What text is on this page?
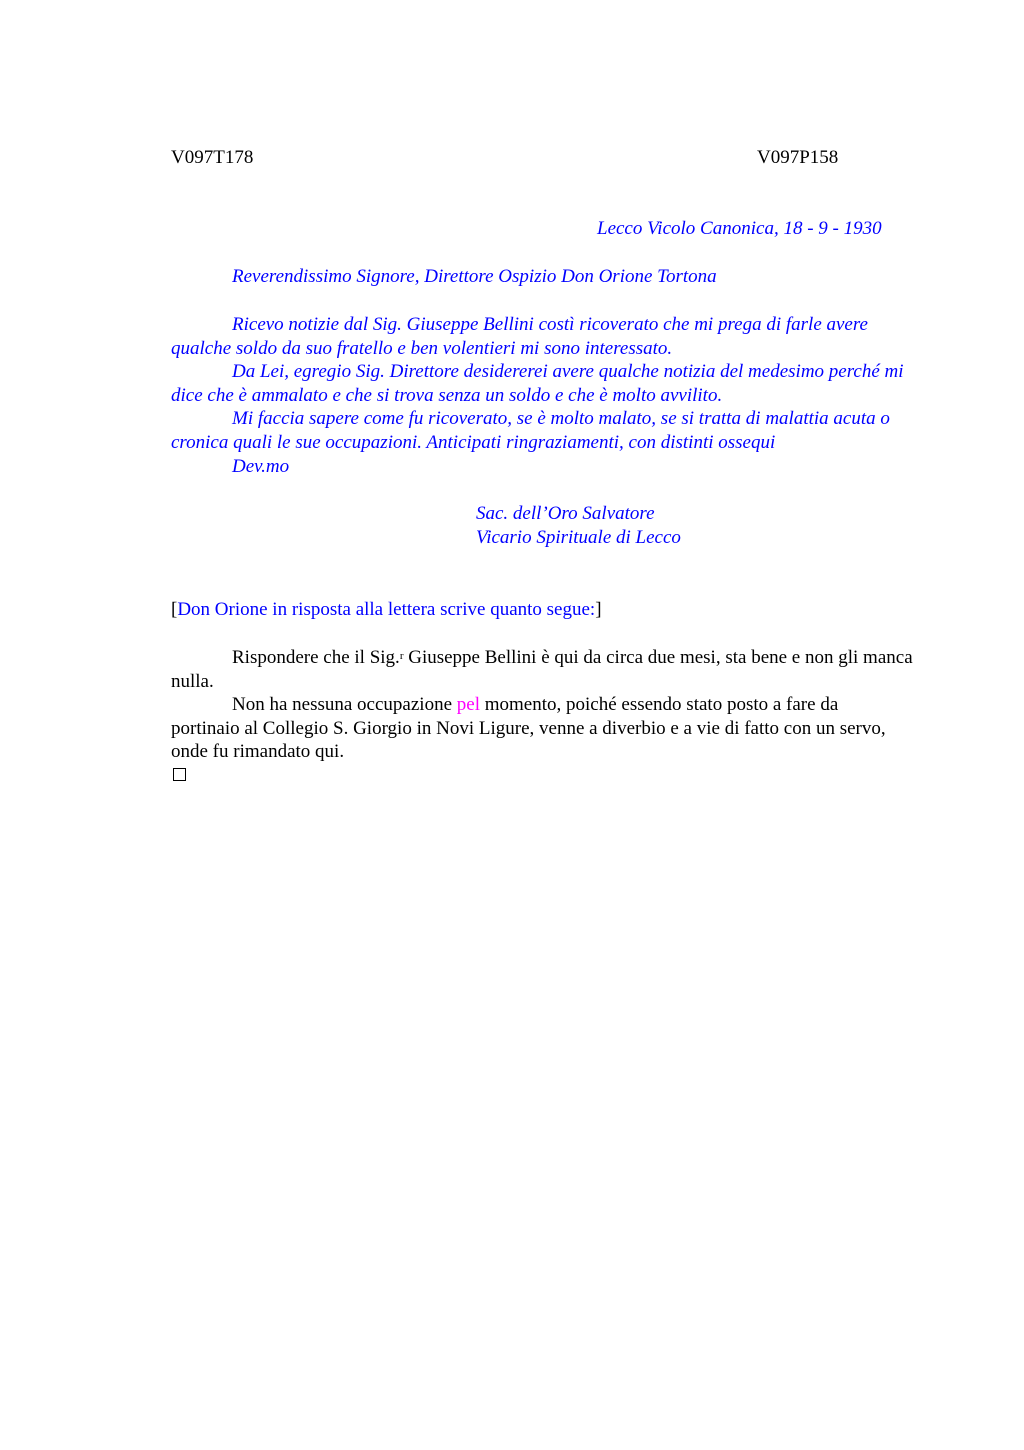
V097T178	V097P158
Lecco Vicolo Canonica, 18 - 9 - 1930
Reverendissimo Signore, Direttore Ospizio Don Orione Tortona

Ricevo notizie dal Sig. Giuseppe Bellini costì ricoverato che mi prega di farle avere qualche soldo da suo fratello e ben volentieri mi sono interessato.

Da Lei, egregio Sig. Direttore desidererei avere qualche notizia del medesimo perché mi dice che è ammalato e che si trova senza un soldo e che è molto avvilito.

Mi faccia sapere come fu ricoverato, se è molto malato, se si tratta di malattia acuta o cronica quali le sue occupazioni. Anticipati ringraziamenti, con distinti ossequi

Dev.mo
Sac. dell’Oro Salvatore
Vicario Spirituale di Lecco
[Don Orione in risposta alla lettera scrive quanto segue:]

Rispondere che il Sig.$^r$ Giuseppe Bellini è qui da circa due mesi, sta bene e non gli manca nulla.

Non ha nessuna occupazione pel momento, poiché essendo stato posto a fare da portinaio al Collegio S. Giorgio in Novi Ligure, venne a diverbio e a vie di fatto con un servo, onde fu rimandato qui.
